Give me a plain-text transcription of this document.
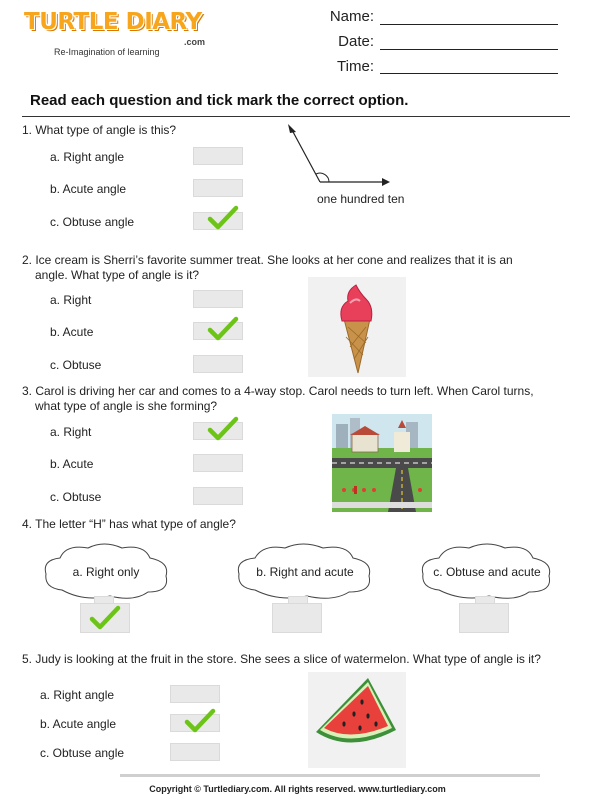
TURTLE DIARY
.com
Re-Imagination of learning
Name:
Date:
Time:
Read each question and tick mark the correct option.
1. What type of angle is this?
a. Right angle
b. Acute angle
c. Obtuse angle
one hundred ten
2. Ice cream is Sherri’s favorite summer treat. She looks at her cone and realizes that it is an
angle. What type of angle is it?
a. Right
b. Acute
c. Obtuse
3. Carol is driving her car and comes to a 4-way stop. Carol needs to turn left. When Carol turns,
what type of angle is she forming?
a. Right
b. Acute
c. Obtuse
4. The letter “H” has what type of angle?
a. Right only	b. Right and acute	c. Obtuse and acute
5. Judy is looking at the fruit in the store. She sees a slice of watermelon. What type of angle is it?
a. Right angle
b. Acute angle
c. Obtuse angle
Copyright © Turtlediary.com. All rights reserved. www.turtlediary.com
